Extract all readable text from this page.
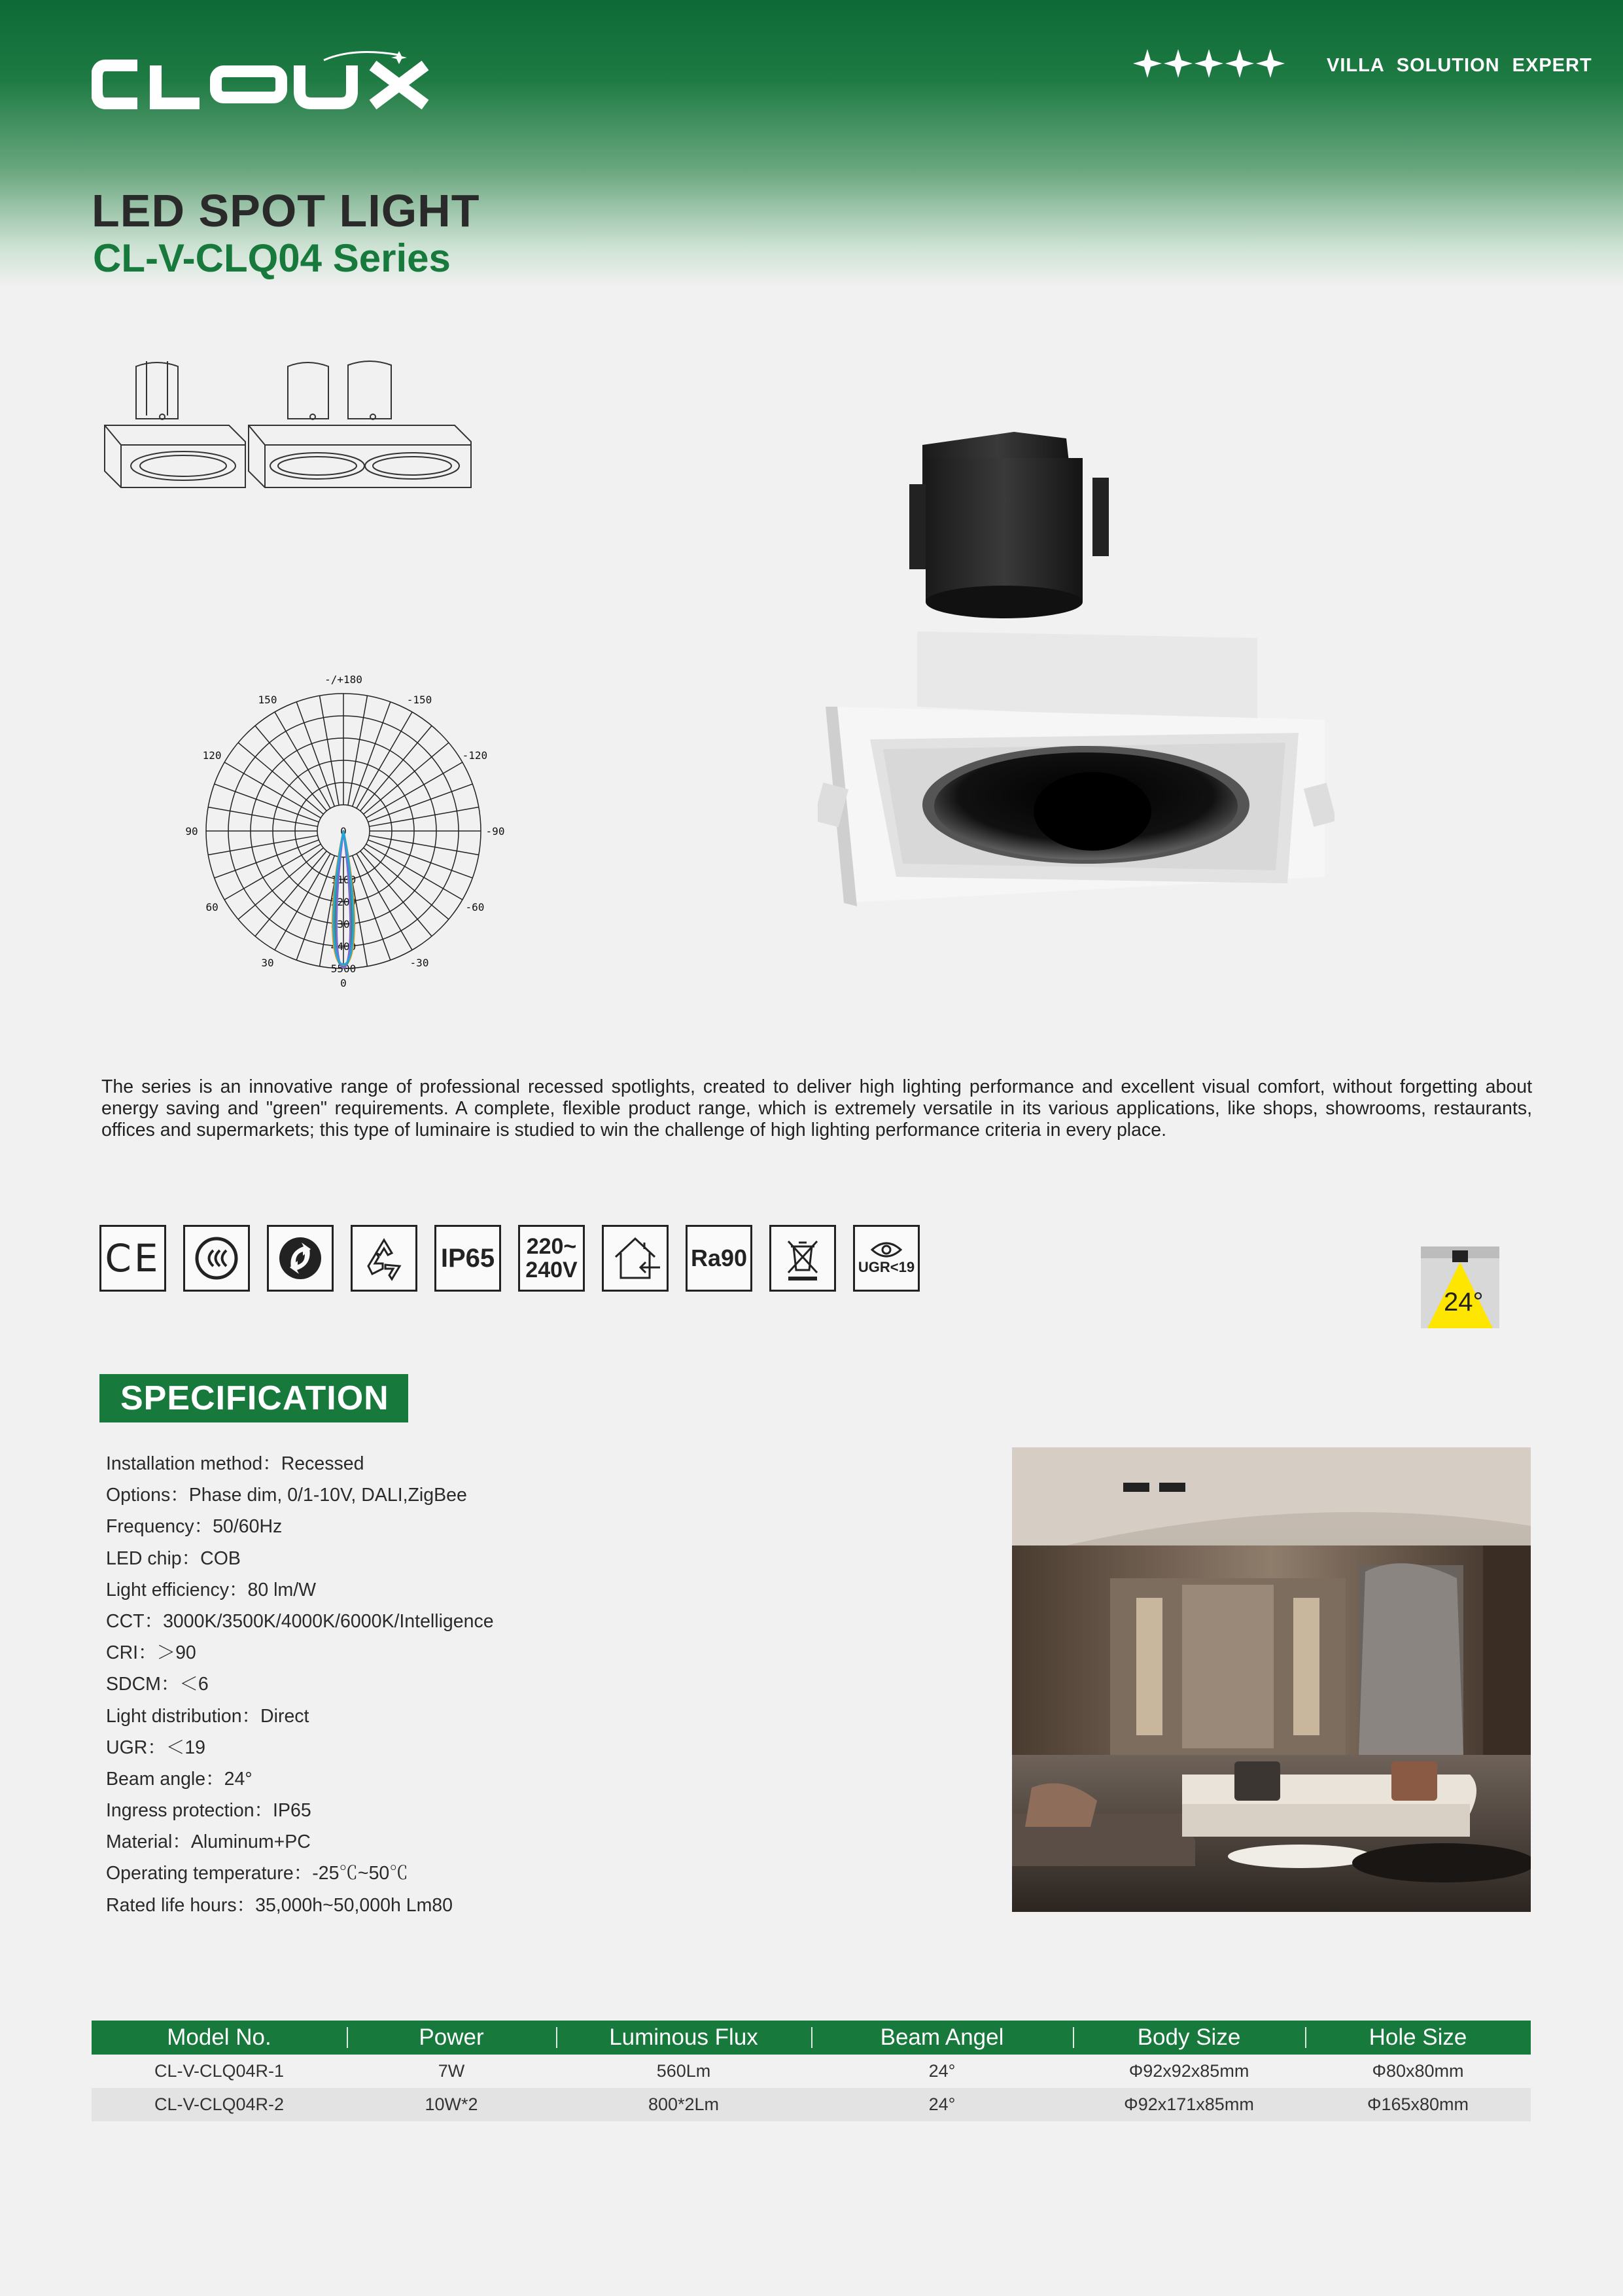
VILLA SOLUTION EXPERT
LED SPOT LIGHT
CL-V-CLQ04 Series
-/+180
-150
150
-120
120
-90
90
-60
60
-30
30
0
0
1100
2200
3300
4400
5500
The series is an innovative range of professional recessed spotlights, created to deliver high lighting performance and excellent visual comfort, without forgetting about energy saving and "green" requirements. A complete, flexible product range, which is extremely versatile in its various applications, like shops, showrooms, restaurants, offices and supermarkets; this type of luminaire is studied to win the challenge of high lighting performance criteria in every place.
CE	IP65 220~
240V	Ra90	UGR<19
24°
SPECIFICATION
Installation method：Recessed
Options：Phase dim, 0/1-10V, DALI,ZigBee
Frequency：50/60Hz
LED chip：COB
Light efficiency：80 lm/W
CCT：3000K/3500K/4000K/6000K/Intelligence
CRI：＞90
SDCM：＜6
Light distribution：Direct
UGR：＜19
Beam angle：24°
Ingress protection：IP65
Material：Aluminum+PC
Operating temperature：-25℃~50℃
Rated life hours：35,000h~50,000h Lm80
Model No.	Power	Luminous Flux	Beam Angel	Body Size	Hole Size
CL-V-CLQ04R-1	7W	560Lm	24°	Φ92x92x85mm	Φ80x80mm
CL-V-CLQ04R-2	10W*2	800*2Lm	24°	Φ92x171x85mm	Φ165x80mm
